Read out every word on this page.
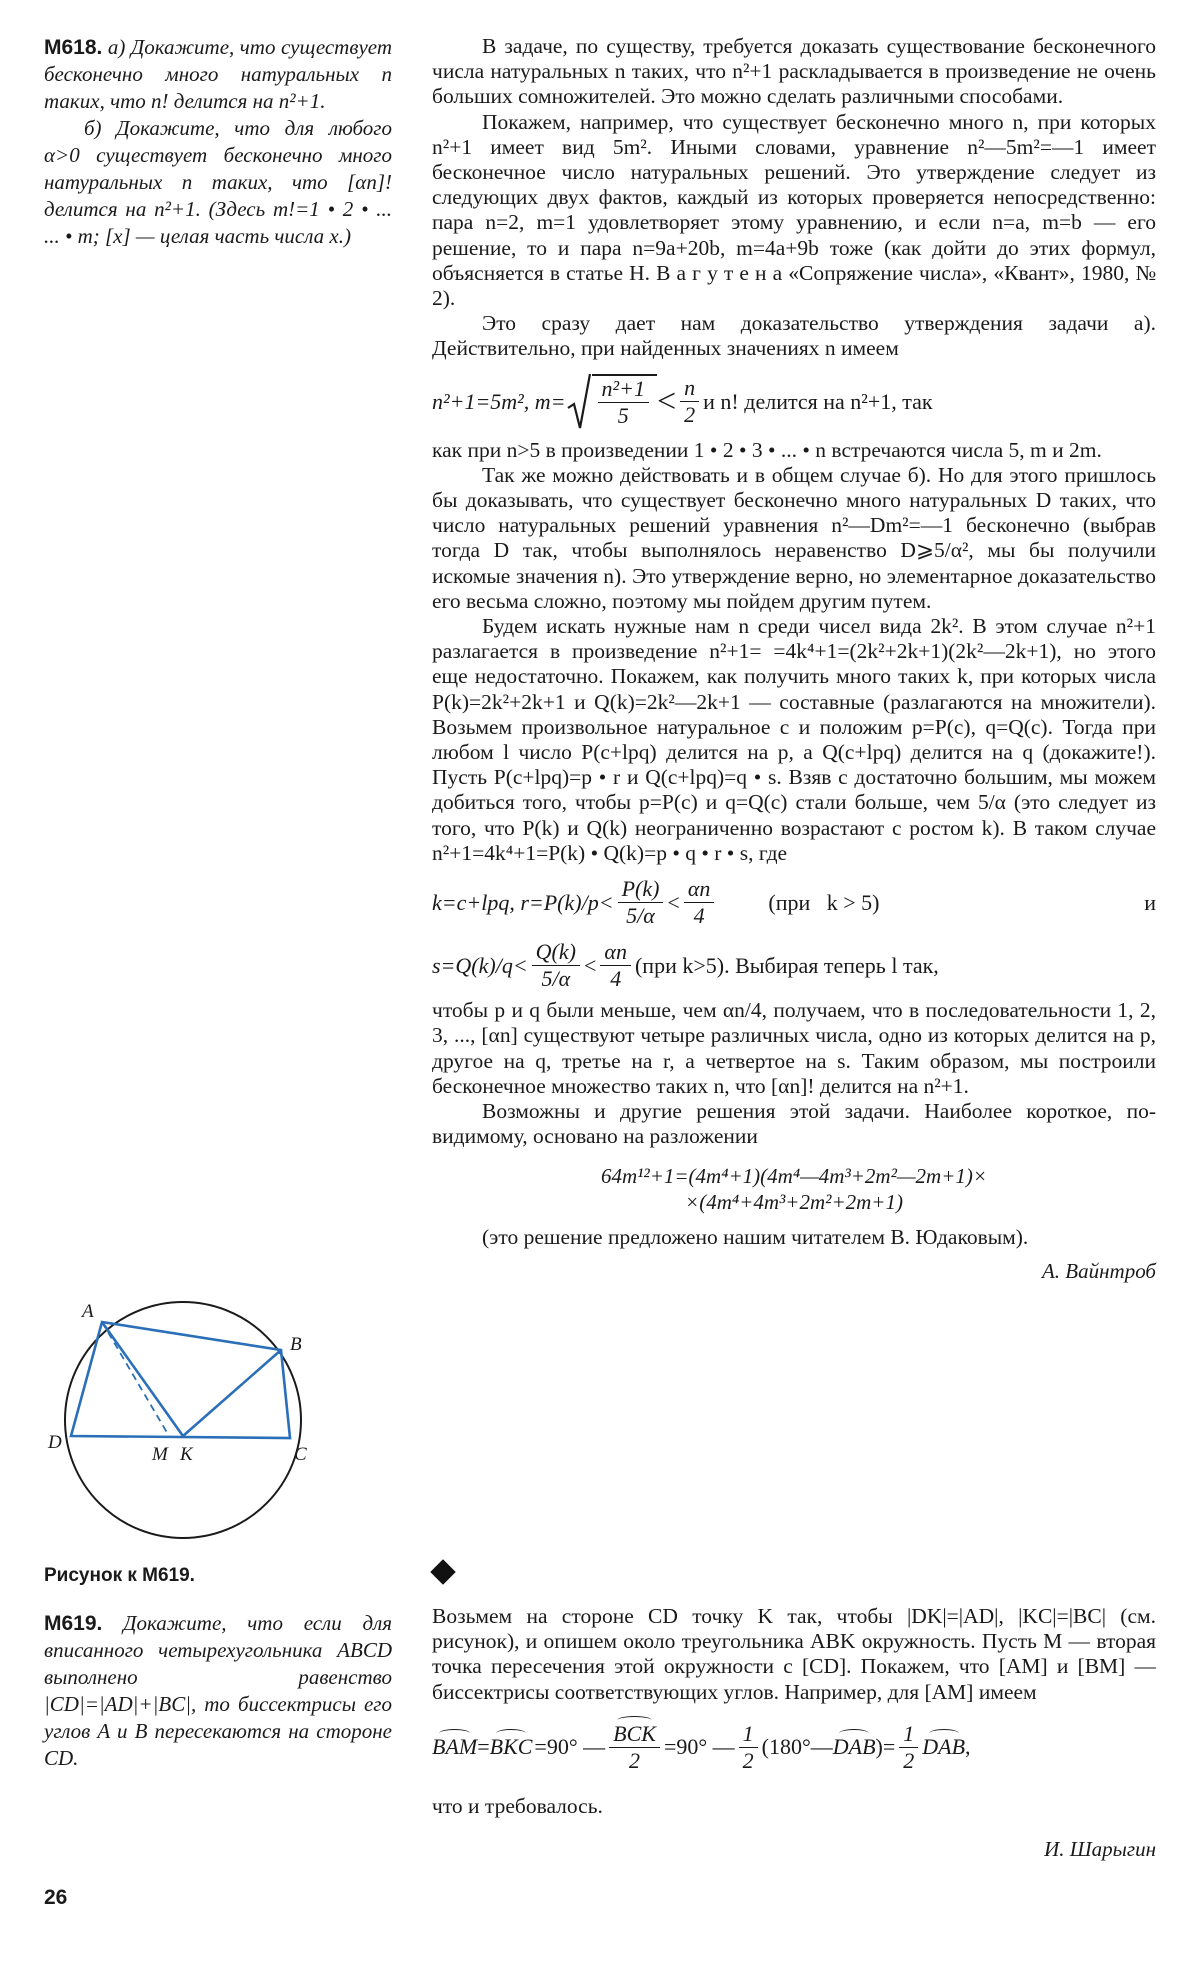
М618. а) Докажите, что существует бесконечно много натуральных n таких, что n! делится на n²+1.

б) Докажите, что для любого α>0 существует бесконечно много натуральных n таких, что [αn]! делится на n²+1. (Здесь m!=1 • 2 • ... ... • m; [x] — целая часть числа x.)

В задаче, по существу, требуется доказать существование бесконечного числа натуральных n таких, что n²+1 раскладывается в произведение не очень больших сомножителей. Это можно сделать различными способами.

Покажем, например, что существует бесконечно много n, при которых n²+1 имеет вид 5m². Иными словами, уравнение n²—5m²=—1 имеет бесконечное число натуральных решений. Это утверждение следует из следующих двух фактов, каждый из которых проверяется непосредственно: пара n=2, m=1 удовлетворяет этому уравнению, и если n=a, m=b — его решение, то и пара n=9a+20b, m=4a+9b тоже (как дойти до этих формул, объясняется в статье Н. В а г у т е н а «Сопряжение числа», «Квант», 1980, № 2).

Это сразу дает нам доказательство утверждения задачи а). Действительно, при найденных значениях n имеем

n²+1=5m², $m= \frac{\text{n²+1}}{5} < \frac{n}{2}$ и n! делится на n²+1, так

как при n>5 в произведении 1 • 2 • 3 • ... • n встречаются числа 5, m и 2m.

Так же можно действовать и в общем случае б). Но для этого пришлось бы доказывать, что существует бесконечно много натуральных D таких, что число натуральных решений уравнения n²—Dm²=—1 бесконечно (выбрав тогда D так, чтобы выполнялось неравенство D⩾5/α², мы бы получили искомые значения n). Это утверждение верно, но элементарное доказательство его весьма сложно, поэтому мы пойдем другим путем.

Будем искать нужные нам n среди чисел вида 2k². В этом случае n²+1 разлагается в произведение n²+1= =4k⁴+1=(2k²+2k+1)(2k²—2k+1), но этого еще недостаточно. Покажем, как получить много таких k, при которых числа P(k)=2k²+2k+1 и Q(k)=2k²—2k+1 — составные (разлагаются на множители). Возьмем произвольное натуральное c и положим p=P(c), q=Q(c). Тогда при любом l число P(c+lpq) делится на p, а Q(c+lpq) делится на q (докажите!). Пусть P(c+lpq)=p • r и Q(c+lpq)=q • s. Взяв c достаточно большим, мы можем добиться того, чтобы p=P(c) и q=Q(c) стали больше, чем 5/α (это следует из того, что P(k) и Q(k) неограниченно возрастают с ростом k). В таком случае n²+1=4k⁴+1=P(k) • Q(k)=p • q • r • s, где

k=c+lpq, $r=P(k)/p< \frac{P(k)}{5/\alpha} < \frac{\alpha n}{4} (при$   k > 5)	и
$s=Q(k)/q< \frac{Q(k)}{5/\alpha} < \frac{\alpha n}{4} (при$ k>5). Выбирая теперь l так,

чтобы p и q были меньше, чем αn/4, получаем, что в последовательности 1, 2, 3, ..., [αn] существуют четыре различных числа, одно из которых делится на p, другое на q, третье на r, а четвертое на s. Таким образом, мы построили бесконечное множество таких n, что [αn]! делится на n²+1.

Возможны и другие решения этой задачи. Наиболее короткое, по-видимому, основано на разложении

64m¹²+1=(4m⁴+1)(4m⁴—4m³+2m²—2m+1)×
×(4m⁴+4m³+2m²+2m+1)

(это решение предложено нашим читателем В. Юдаковым).

А. Вайнтроб

A
B
C
D
M K
Рисунок к М619.

М619. Докажите, что если для вписанного четырехугольника ABCD выполнено равенство |CD|=|AD|+|BC|, то биссектрисы его углов A и B пересекаются на стороне CD.

Возьмем на стороне CD точку K так, чтобы |DK|=|AD|, |KC|=|BC| (см. рисунок), и опишем около треугольника ABK окружность. Пусть M — вторая точка пересечения этой окружности с [CD]. Покажем, что [AM] и [BM] — биссектрисы соответствующих углов. Например, для [AM] имеем

BAM = BKC =90° — $\frac{\text{BCK}}{2} =90^\circ$ — $\frac{1}{2}$ (180°— DAB )= $\frac{1}{2}$ DAB ,

что и требовалось.

И. Шарыгин

26
